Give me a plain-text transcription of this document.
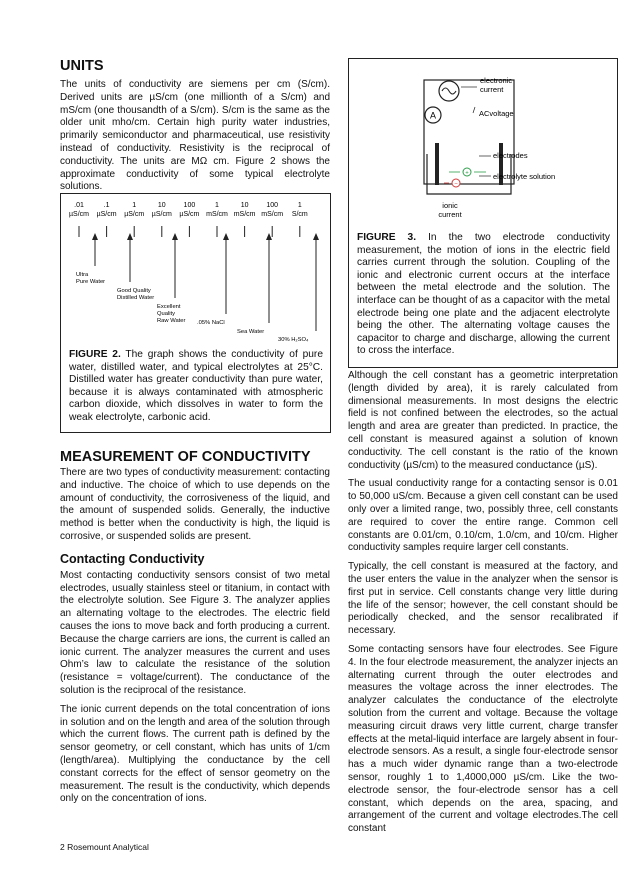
UNITS

The units of conductivity are siemens per cm (S/cm). Derived units are µS/cm (one millionth of a S/cm) and mS/cm (one thousandth of a S/cm). S/cm is the same as the older unit mho/cm. Certain high purity water industries, primarily semiconductor and pharmaceutical, use resistivity instead of conductivity. Resistivity is the reciprocal of conductivity. The units are MΩ cm. Figure 2 shows the approximate conductivity of some typical electrolyte solutions.

.01
µS/cm
.1
µS/cm
1
µS/cm
10
µS/cm
100
µS/cm
1
mS/cm
10
mS/cm
100
mS/cm
1
S/cm
Ultra
Pure Water
Good Quality
Distilled Water
Excellent
Quality
Raw Water .05% NaCl
Sea Water
30% H₂SO₄
FIGURE 2. The graph shows the conductivity of pure water, distilled water, and typical electrolytes at 25°C. Distilled water has greater conductivity than pure water, because it is always contaminated with atmospheric carbon dioxide, which dissolves in water to form the weak electrolyte, carbonic acid.
MEASUREMENT OF CONDUCTIVITY

There are two types of conductivity measurement: contacting and inductive. The choice of which to use depends on the amount of conductivity, the corrosiveness of the liquid, and the amount of suspended solids. Generally, the inductive method is better when the conductivity is high, the liquid is corrosive, or suspended solids are present.

Contacting Conductivity

Most contacting conductivity sensors consist of two metal electrodes, usually stainless steel or titanium, in contact with the electrolyte solution. See Figure 3. The analyzer applies an alternating voltage to the electrodes. The electric field causes the ions to move back and forth producing a current. Because the charge carriers are ions, the current is called an ionic current. The analyzer measures the current and uses Ohm’s law to calculate the resistance of the solution (resistance = voltage/current). The conductance of the solution is the reciprocal of the resistance.

The ionic current depends on the total concentration of ions in solution and on the length and area of the solution through which the current flows. The current path is defined by the sensor geometry, or cell constant, which has units of 1/cm (length/area). Multiplying the conductance by the cell constant corrects for the effect of sensor geometry on the measurement. The result is the conductivity, which depends only on the concentration of ions.

A
+
−
electronic
current
ACvoltage
electrodes
electrolyte solution
ionic
current
FIGURE 3. In the two electrode conductivity measurement, the motion of ions in the electric field carries current through the solution. Coupling of the ionic and electronic current occurs at the interface between the metal electrode and the solution. The interface can be thought of as a capacitor with the metal electrode being one plate and the adjacent electrolyte being the other. The alternating voltage causes the capacitor to charge and discharge, allowing the current to cross the interface.

Although the cell constant has a geometric interpretation (length divided by area), it is rarely calculated from dimensional measurements. In most designs the electric field is not confined between the electrodes, so the actual length and area are greater than predicted. In practice, the cell constant is measured against a solution of known conductivity. The cell constant is the ratio of the known conductivity (µS/cm) to the measured conductance (µS).

The usual conductivity range for a contacting sensor is 0.01 to 50,000 uS/cm. Because a given cell constant can be used only over a limited range, two, possibly three, cell constants are required to cover the entire range. Common cell constants are 0.01/cm, 0.10/cm, 1.0/cm, and 10/cm. Higher conductivity samples require larger cell constants.

Typically, the cell constant is measured at the factory, and the user enters the value in the analyzer when the sensor is first put in service. Cell constants change very little during the life of the sensor; however, the cell constant should be periodically checked, and the sensor recalibrated if necessary.

Some contacting sensors have four electrodes. See Figure 4. In the four electrode measurement, the analyzer injects an alternating current through the outer electrodes and measures the voltage across the inner electrodes. The analyzer calculates the conductance of the electrolyte solution from the current and voltage. Because the voltage measuring circuit draws very little current, charge transfer effects at the metal-liquid interface are largely absent in four-electrode sensors. As a result, a single four-electrode sensor has a much wider dynamic range than a two-electrode sensor, roughly 1 to 1,4000,000 µS/cm. Like the two-electrode sensor, the four-electrode sensor has a cell constant, which depends on the area, spacing, and arrangement of the current and voltage electrodes.The cell constant

2 Rosemount Analytical
